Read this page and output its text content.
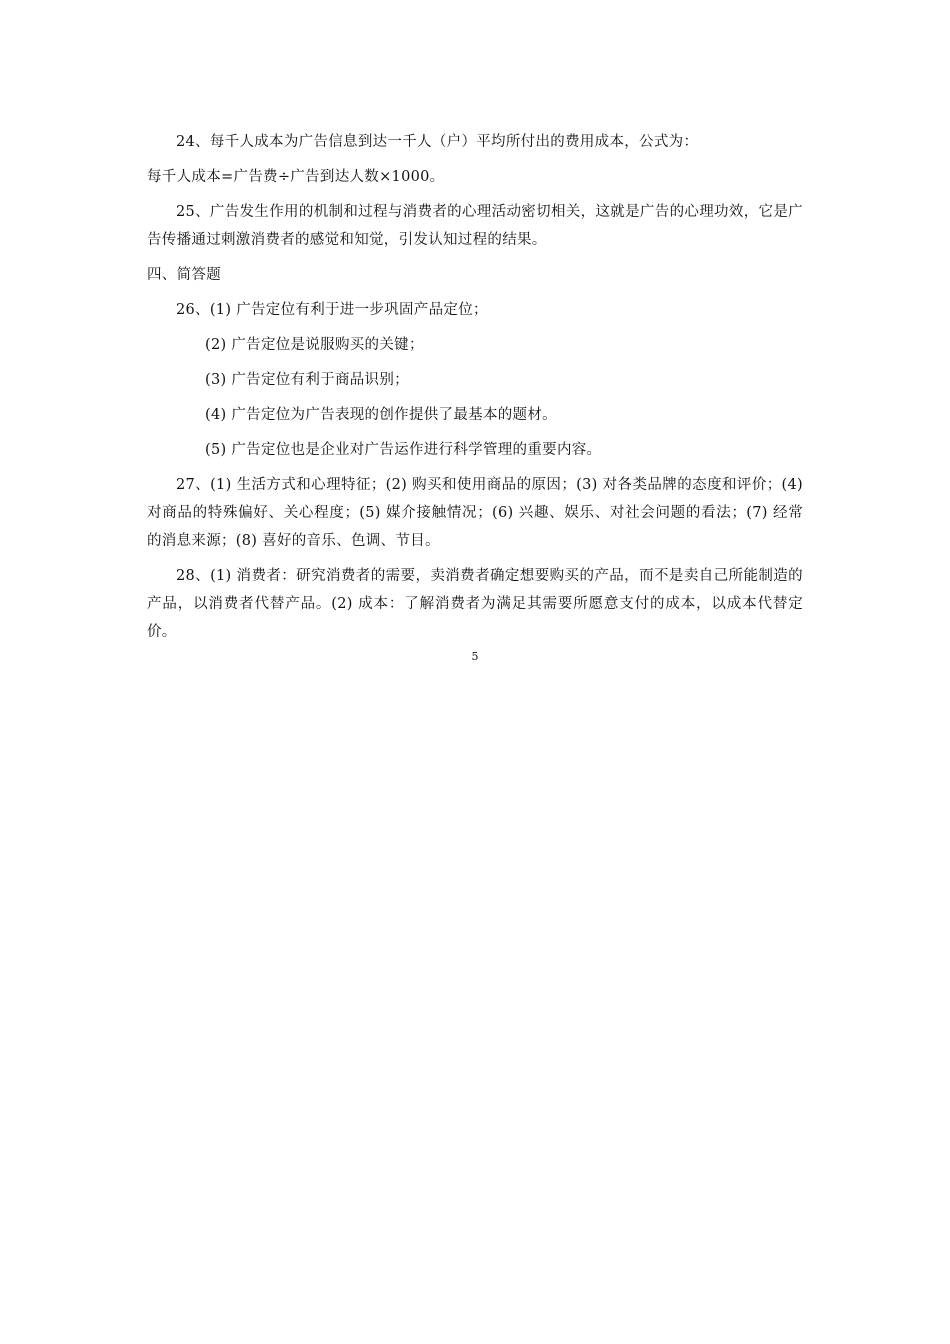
24、每千人成本为广告信息到达一千人（户）平均所付出的费用成本，公式为：

每千人成本=广告费÷广告到达人数×1000。

25、广告发生作用的机制和过程与消费者的心理活动密切相关，这就是广告的心理功效，它是广告传播通过刺激消费者的感觉和知觉，引发认知过程的结果。

四、简答题

26、(1) 广告定位有利于进一步巩固产品定位；

(2) 广告定位是说服购买的关键；

(3) 广告定位有利于商品识别；

(4) 广告定位为广告表现的创作提供了最基本的题材。

(5) 广告定位也是企业对广告运作进行科学管理的重要内容。

27、(1) 生活方式和心理特征；(2) 购买和使用商品的原因；(3) 对各类品牌的态度和评价；(4) 对商品的特殊偏好、关心程度；(5) 媒介接触情况；(6) 兴趣、娱乐、对社会问题的看法；(7) 经常的消息来源；(8) 喜好的音乐、色调、节目。

28、(1) 消费者：研究消费者的需要，卖消费者确定想要购买的产品，而不是卖自己所能制造的产品，以消费者代替产品。(2) 成本：了解消费者为满足其需要所愿意支付的成本，以成本代替定价。

5
